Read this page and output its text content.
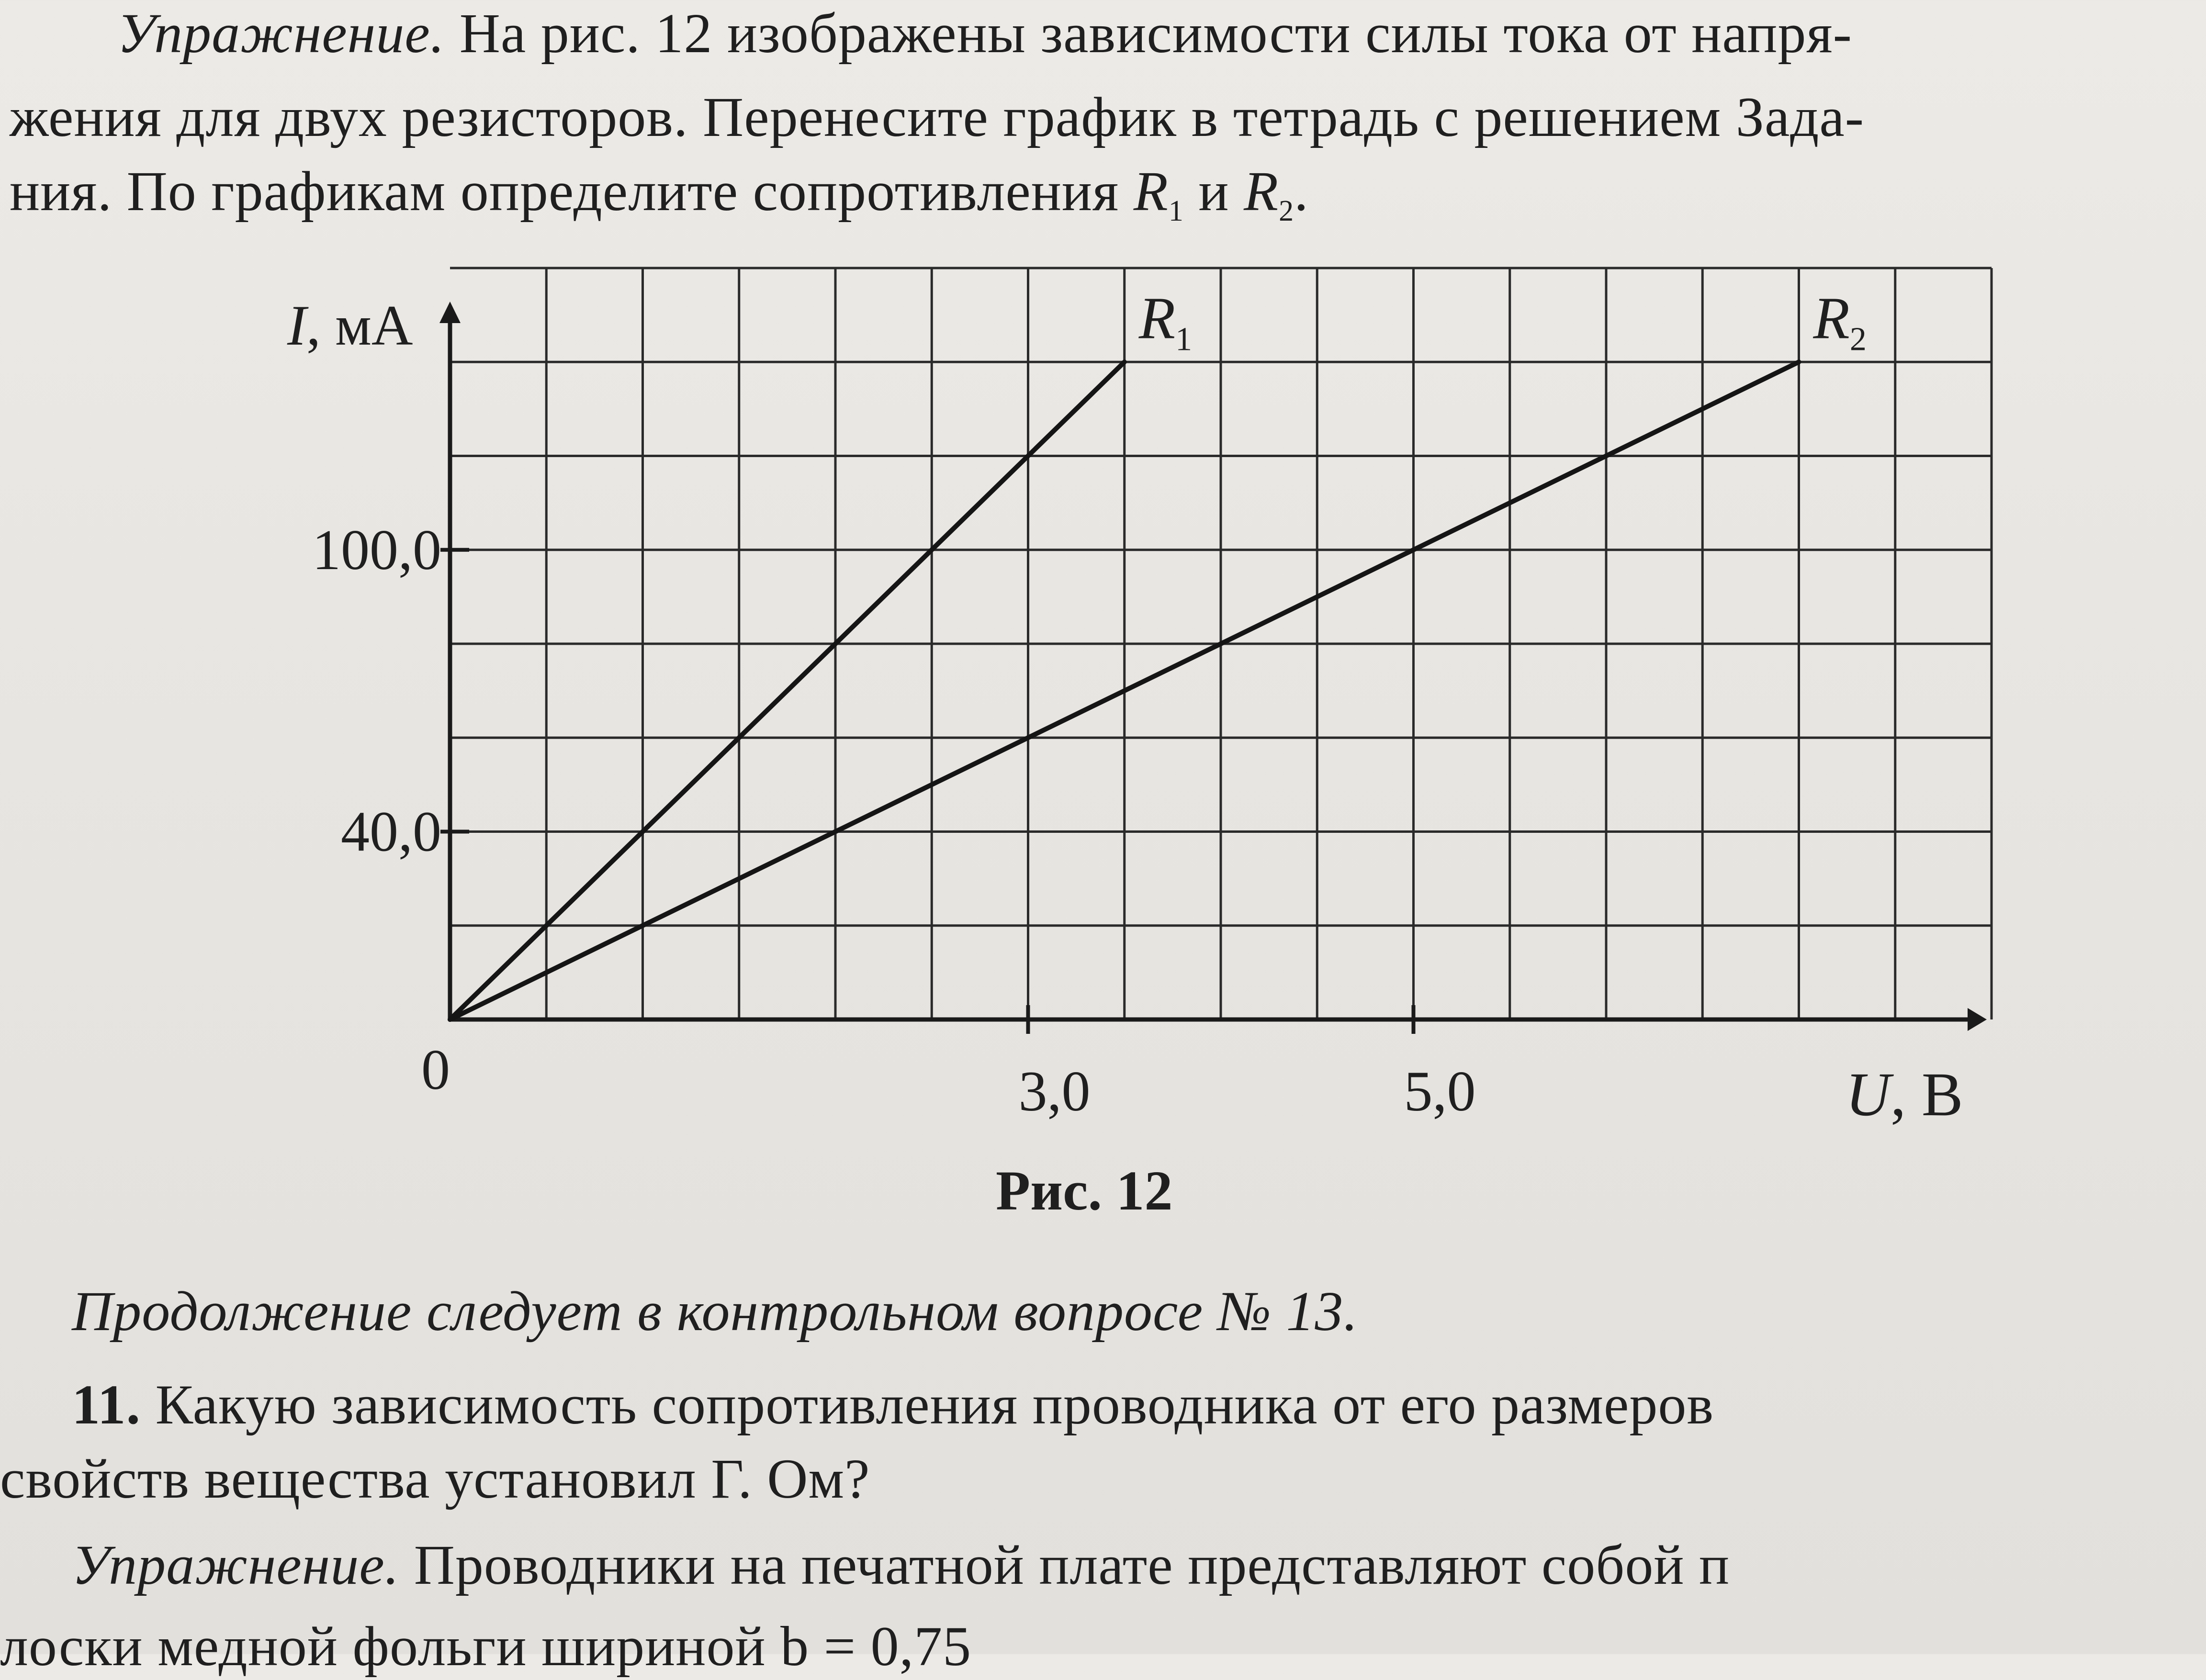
Упражнение. На рис. 12 изображены зависимости силы тока от напря-
жения для двух резисторов. Перенесите график в тетрадь с решением Зада-
ния. По графикам определите сопротивления $R_1$ и $R_2$.
3,0	5,0
40,0
100,0
0
I, мА
U, В
$R_1$	$R_2$
Рис. 12
Продолжение следует в контрольном вопросе № 13.
11. Какую зависимость сопротивления проводника от его размеров
свойств вещества установил Г. Ом?
Упражнение. Проводники на печатной плате представляют собой п
лоски медной фольги шириной b = 0,75
